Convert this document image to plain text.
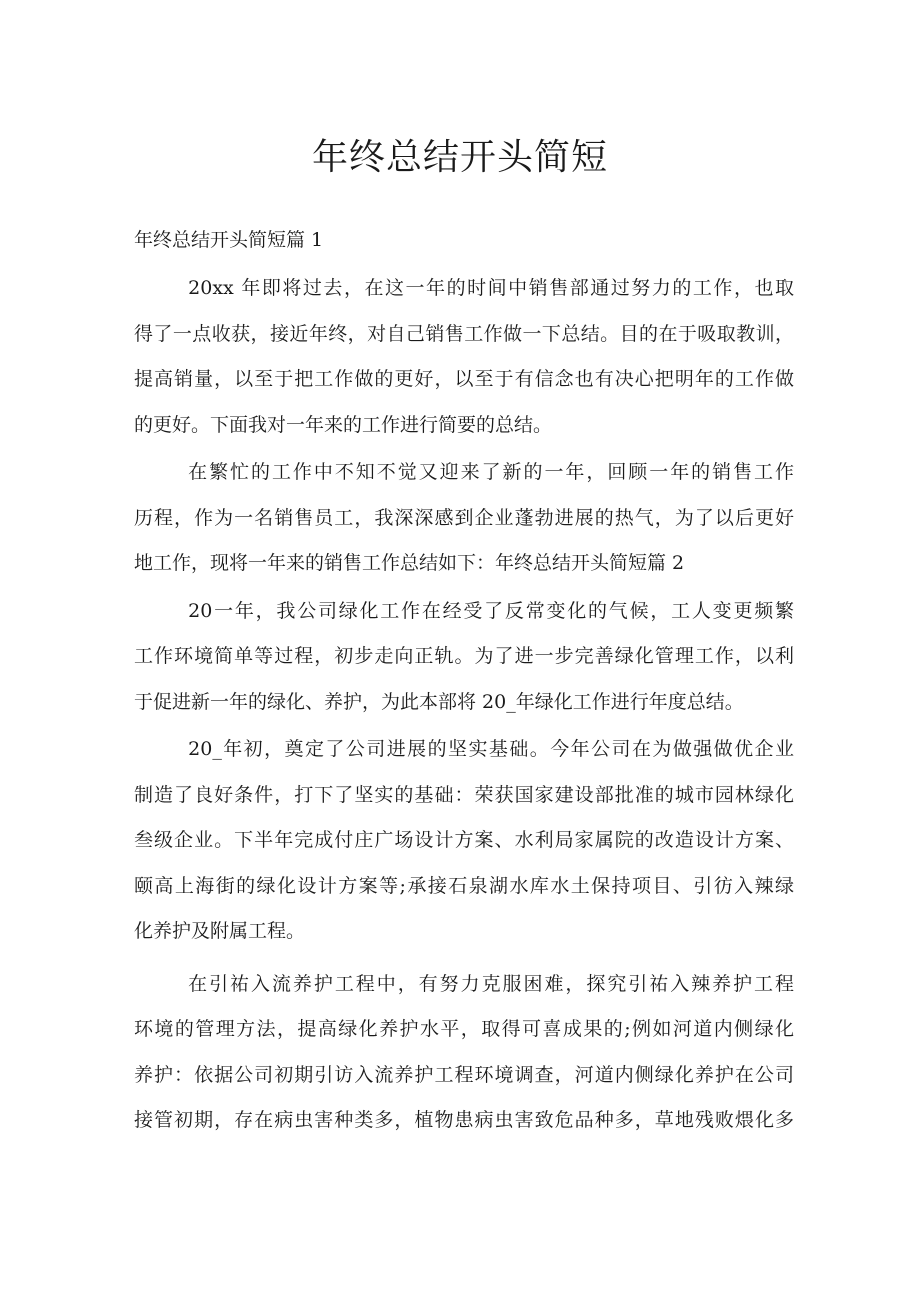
年终总结开头简短
年终总结开头简短篇 1

20xx 年即将过去，在这一年的时间中销售部通过努力的工作，也取
得了一点收获，接近年终，对自己销售工作做一下总结。目的在于吸取教训，
提高销量，以至于把工作做的更好，以至于有信念也有决心把明年的工作做
的更好。下面我对一年来的工作进行简要的总结。

在繁忙的工作中不知不觉又迎来了新的一年，回顾一年的销售工作
历程，作为一名销售员工，我深深感到企业蓬勃进展的热气，为了以后更好
地工作，现将一年来的销售工作总结如下：年终总结开头简短篇 2

20一年，我公司绿化工作在经受了反常变化的气候，工人变更频繁
工作环境简单等过程，初步走向正轨。为了进一步完善绿化管理工作，以利
于促进新一年的绿化、养护，为此本部将 20_年绿化工作进行年度总结。

20_年初，奠定了公司进展的坚实基础。今年公司在为做强做优企业
制造了良好条件，打下了坚实的基础：荣获国家建设部批准的城市园林绿化
叁级企业。下半年完成付庄广场设计方案、水利局家属院的改造设计方案、
颐高上海街的绿化设计方案等;承接石泉湖水库水土保持项目、引彷入辣绿
化养护及附属工程。

在引祐入流养护工程中，有努力克服困难，探究引祐入辣养护工程
环境的管理方法，提高绿化养护水平，取得可喜成果的;例如河道内侧绿化
养护：依据公司初期引访入流养护工程环境调查，河道内侧绿化养护在公司
接管初期，存在病虫害种类多，植物患病虫害致危品种多，草地残败煨化多
